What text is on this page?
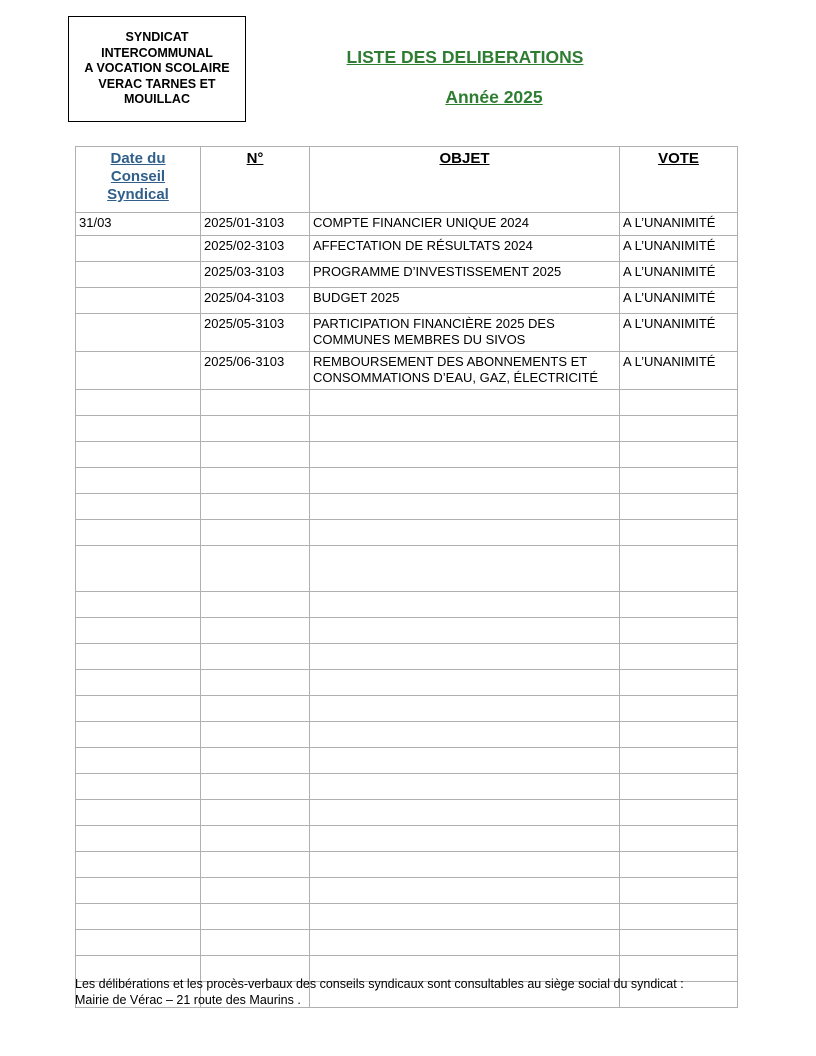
SYNDICAT
INTERCOMMUNAL
A VOCATION SCOLAIRE
VERAC TARNES ET
MOUILLAC
LISTE DES DELIBERATIONS
Année 2025
Date du
Conseil
Syndical	N°	OBJET	VOTE
31/03	2025/01-3103	COMPTE FINANCIER UNIQUE 2024	A L’UNANIMITÉ
	2025/02-3103	AFFECTATION DE RÉSULTATS 2024	A L’UNANIMITÉ
	2025/03-3103	PROGRAMME D’INVESTISSEMENT 2025	A L’UNANIMITÉ
	2025/04-3103	BUDGET 2025	A L’UNANIMITÉ
	2025/05-3103	PARTICIPATION FINANCIÈRE 2025 DES COMMUNES MEMBRES DU SIVOS	A L’UNANIMITÉ
	2025/06-3103	REMBOURSEMENT DES ABONNEMENTS ET CONSOMMATIONS D’EAU, GAZ, ÉLECTRICITÉ	A L’UNANIMITÉ

Les délibérations et les procès-verbaux des conseils syndicaux sont consultables au siège social du syndicat :
Mairie de Vérac – 21 route des Maurins .
